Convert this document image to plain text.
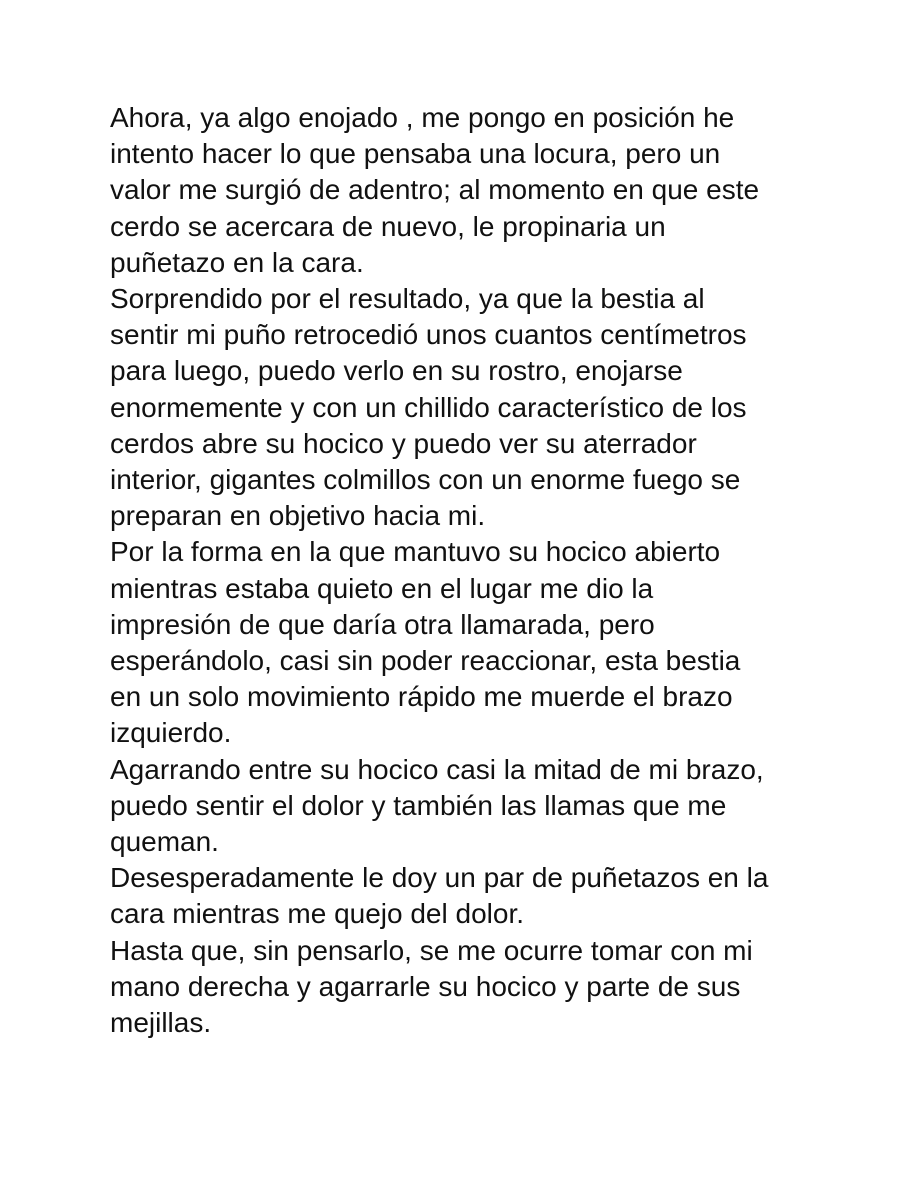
Ahora, ya algo enojado , me pongo en posición he
intento hacer lo que pensaba una locura, pero un
valor me surgió de adentro; al momento en que este
cerdo se acercara de nuevo, le propinaria un
puñetazo en la cara.
Sorprendido por el resultado, ya que la bestia al
sentir mi puño retrocedió unos cuantos centímetros
para luego, puedo verlo en su rostro, enojarse
enormemente y con un chillido característico de los
cerdos abre su hocico y puedo ver su aterrador
interior, gigantes colmillos con un enorme fuego se
preparan en objetivo hacia mi.
Por la forma en la que mantuvo su hocico abierto
mientras estaba quieto en el lugar me dio la
impresión de que daría otra llamarada, pero
esperándolo, casi sin poder reaccionar, esta bestia
en un solo movimiento rápido me muerde el brazo
izquierdo.
Agarrando entre su hocico casi la mitad de mi brazo,
puedo sentir el dolor y también las llamas que me
queman.
Desesperadamente le doy un par de puñetazos en la
cara mientras me quejo del dolor.
Hasta que, sin pensarlo, se me ocurre tomar con mi
mano derecha y agarrarle su hocico y parte de sus
mejillas.
